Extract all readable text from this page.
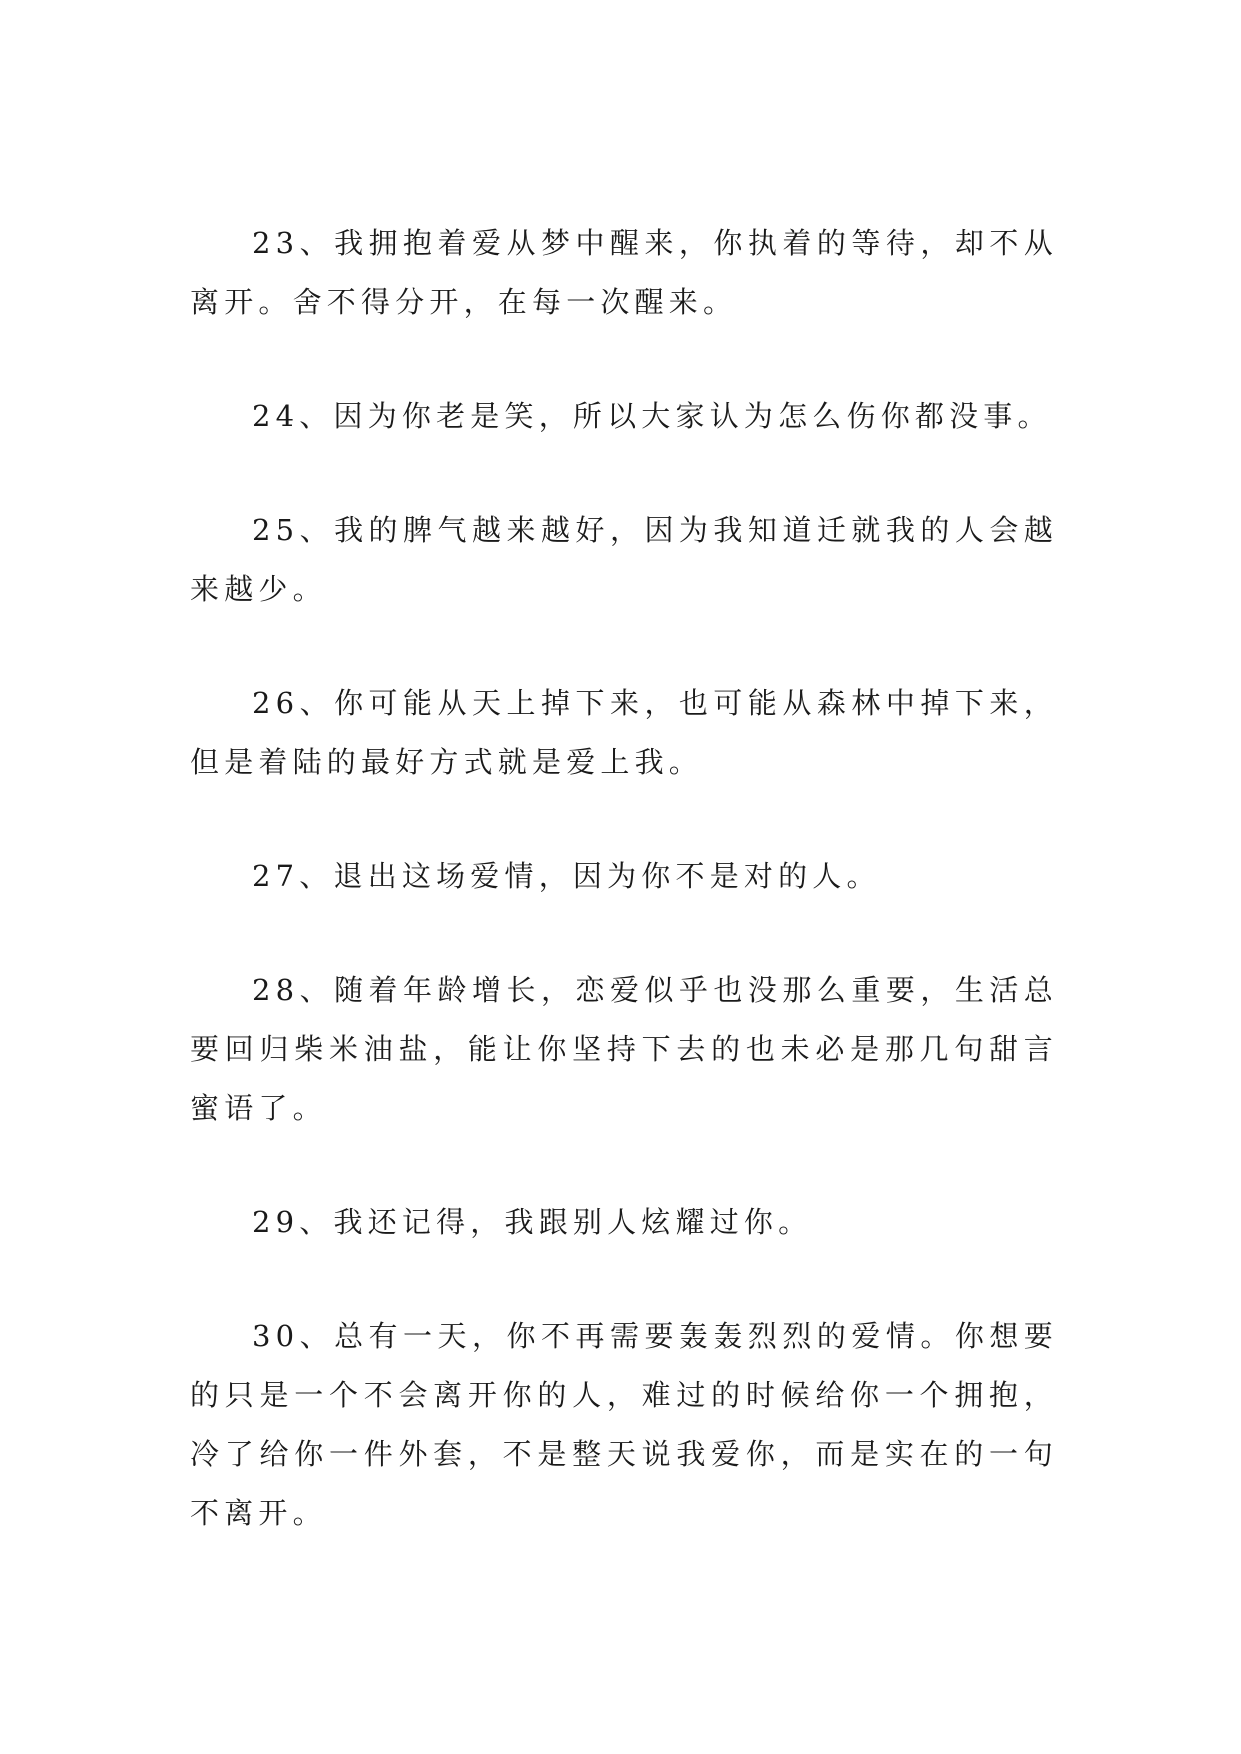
23、我拥抱着爱从梦中醒来，你执着的等待，却不从离开。舍不得分开，在每一次醒来。

24、因为你老是笑，所以大家认为怎么伤你都没事。

25、我的脾气越来越好，因为我知道迁就我的人会越来越少。

26、你可能从天上掉下来，也可能从森林中掉下来，但是着陆的最好方式就是爱上我。

27、退出这场爱情，因为你不是对的人。

28、随着年龄增长，恋爱似乎也没那么重要，生活总要回归柴米油盐，能让你坚持下去的也未必是那几句甜言蜜语了。

29、我还记得，我跟别人炫耀过你。

30、总有一天，你不再需要轰轰烈烈的爱情。你想要的只是一个不会离开你的人，难过的时候给你一个拥抱，冷了给你一件外套，不是整天说我爱你，而是实在的一句不离开。
